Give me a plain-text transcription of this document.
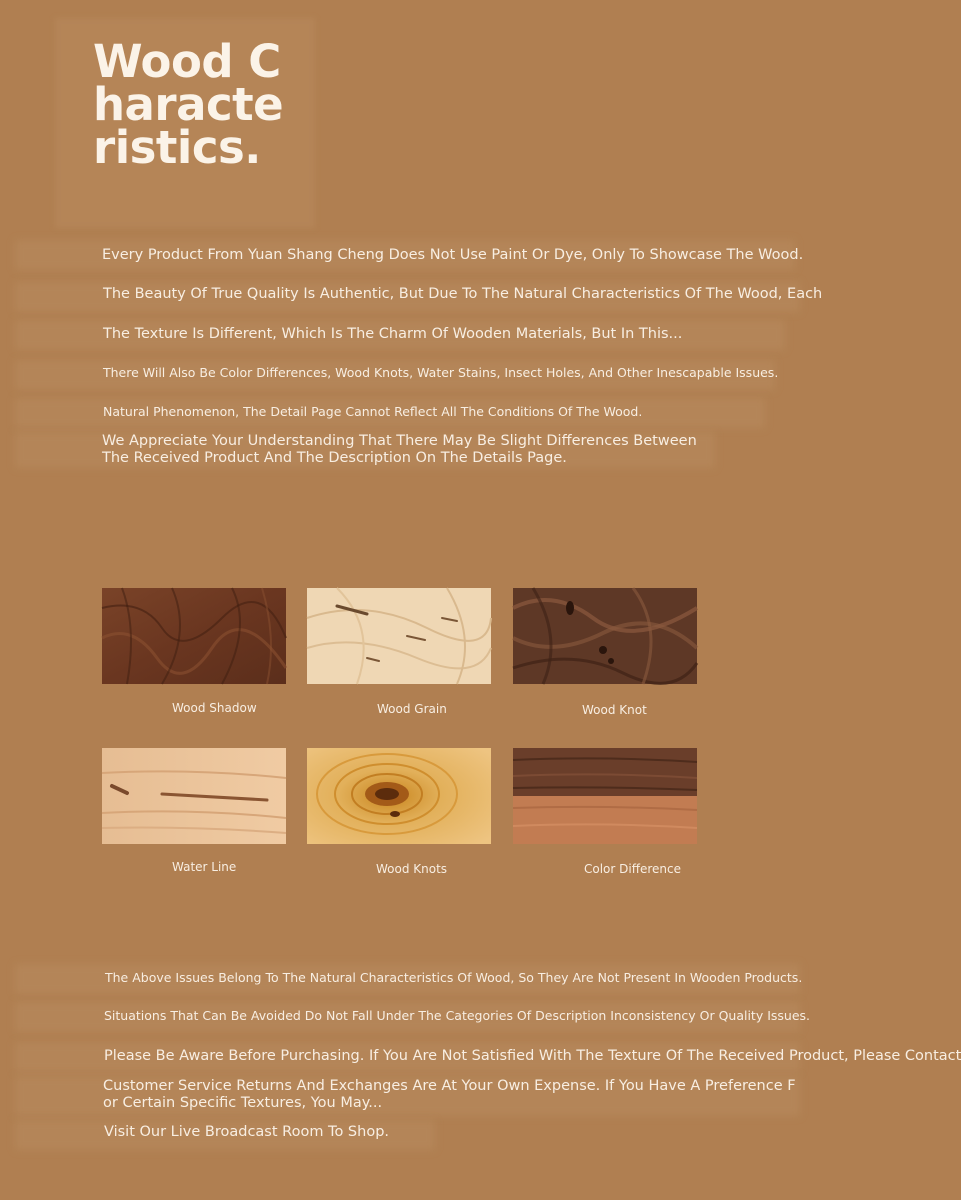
Wood Characteristics.
Every Product From Yuan Shang Cheng Does Not Use Paint Or Dye, Only To Showcase The Wood.
The Beauty Of True Quality Is Authentic, But Due To The Natural Characteristics Of The Wood, Each
The Texture Is Different, Which Is The Charm Of Wooden Materials, But In This...
There Will Also Be Color Differences, Wood Knots, Water Stains, Insect Holes, And Other Inescapable Issues.
Natural Phenomenon, The Detail Page Cannot Reflect All The Conditions Of The Wood.
We Appreciate Your Understanding That There May Be Slight Differences Between The Received Product And The Description On The Details Page.
Wood Shadow	Wood Grain	Wood Knot
Water Line	Wood Knots	Color Difference
The Above Issues Belong To The Natural Characteristics Of Wood, So They Are Not Present In Wooden Products.
Situations That Can Be Avoided Do Not Fall Under The Categories Of Description Inconsistency Or Quality Issues.
Please Be Aware Before Purchasing. If You Are Not Satisfied With The Texture Of The Received Product, Please Contact
Customer Service Returns And Exchanges Are At Your Own Expense. If You Have A Preference For Certain Specific Textures, You May...
Visit Our Live Broadcast Room To Shop.
